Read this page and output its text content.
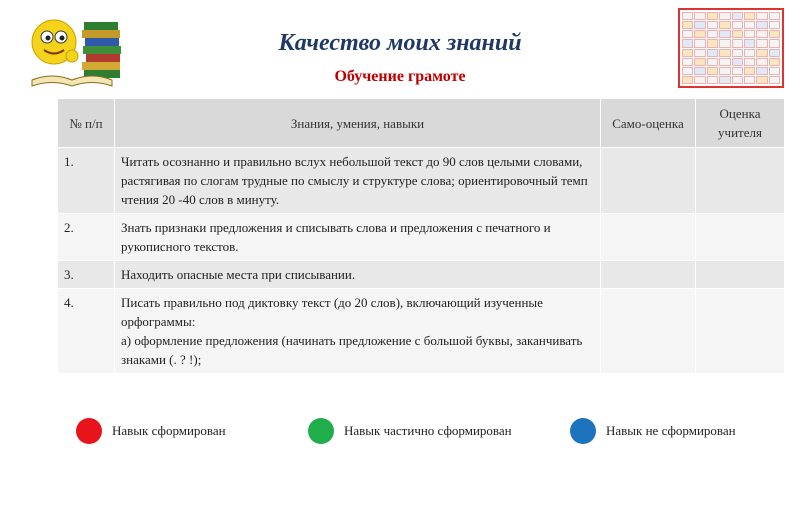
Качество моих знаний
Обучение грамоте
№ п/п	Знания, умения, навыки	Само-оценка	Оценка учителя
1.	Читать осознанно и правильно вслух небольшой текст до 90 слов целыми словами, растягивая по слогам трудные по смыслу и структуре слова; ориентировочный темп чтения 20 -40 слов в минуту.		
2.	Знать признаки предложения и списывать слова и предложения с печатного и рукописного текстов.		
3.	Находить опасные места при списывании.		
4.	Писать правильно под диктовку текст (до 20 слов), включающий изученные орфограммы:
а) оформление предложения (начинать предложение с большой буквы, заканчивать знаками (. ? !);		
Навык сформирован	Навык частично сформирован	Навык не сформирован
